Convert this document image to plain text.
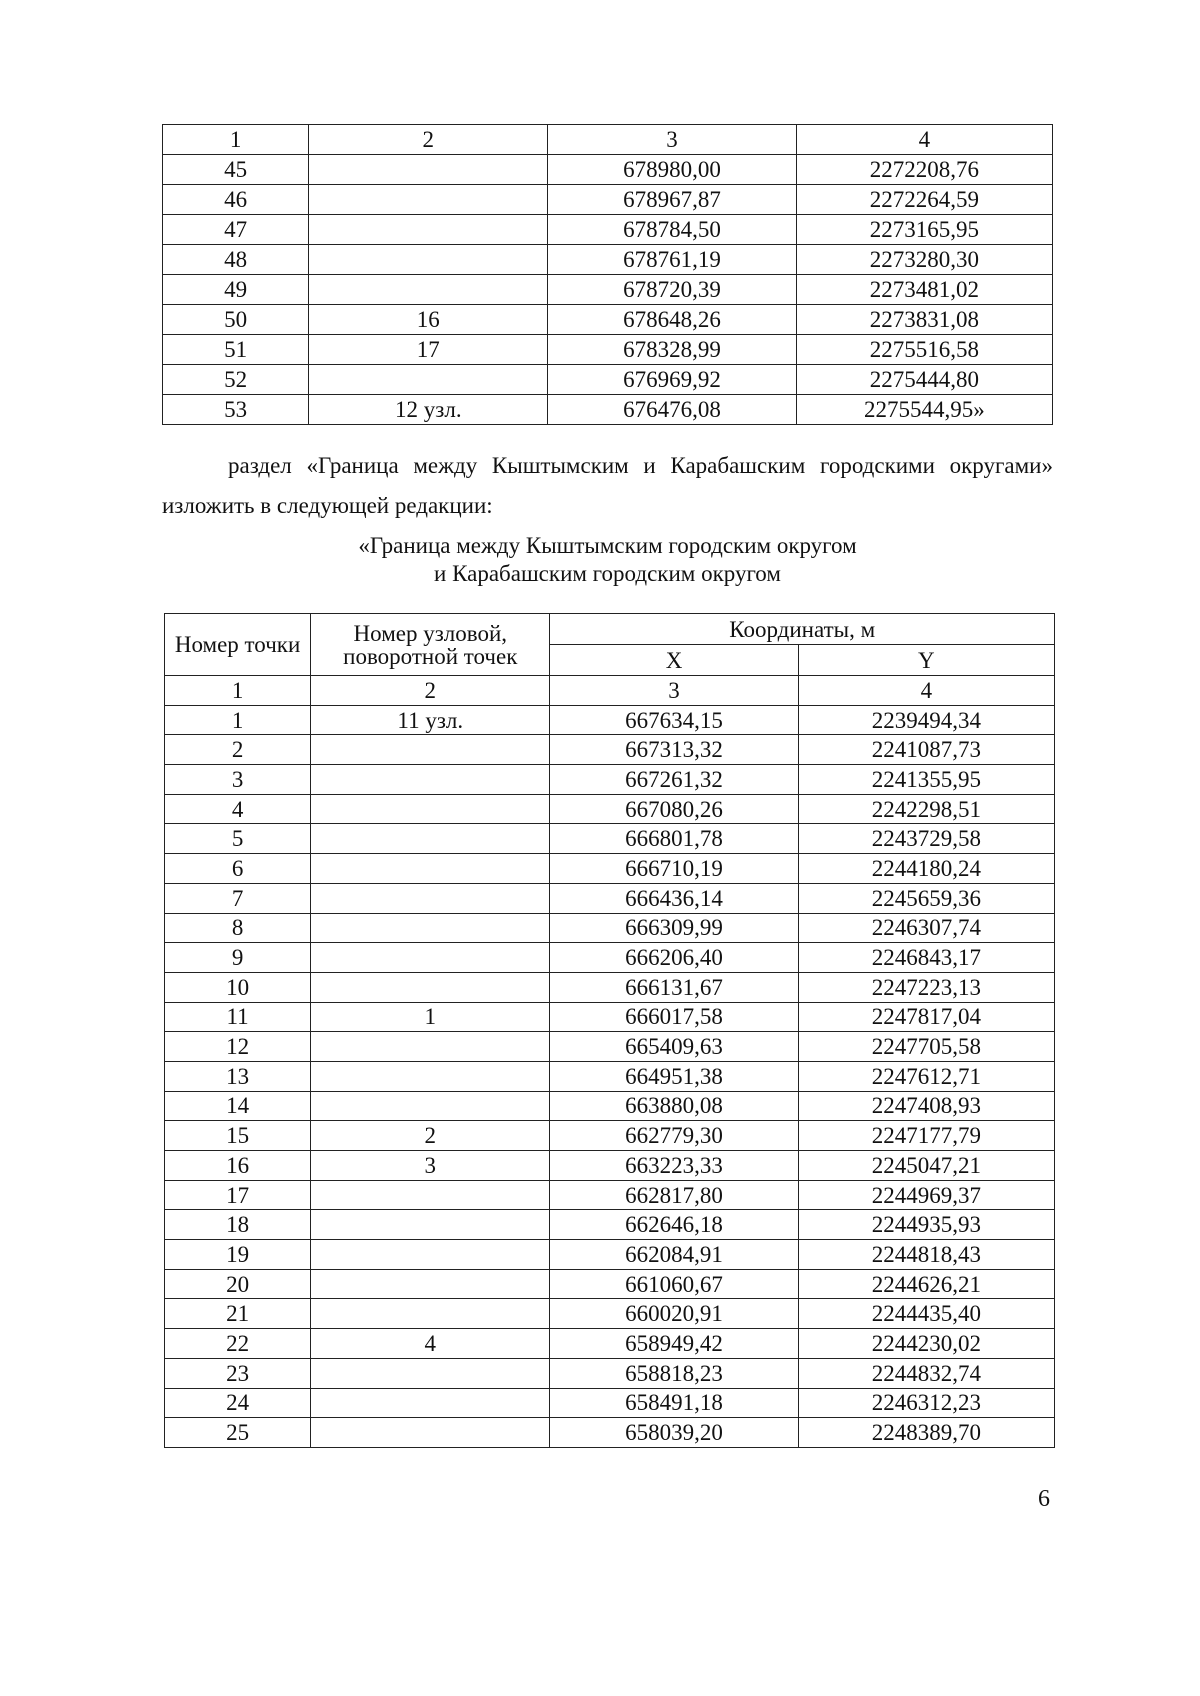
1	2	3	4
45		678980,00	2272208,76
46		678967,87	2272264,59
47		678784,50	2273165,95
48		678761,19	2273280,30
49		678720,39	2273481,02
50	16	678648,26	2273831,08
51	17	678328,99	2275516,58
52		676969,92	2275444,80
53	12 узл.	676476,08	2275544,95»
раздел «Граница между Кыштымским и Карабашским городскими округами»
изложить в следующей редакции:
«Граница между Кыштымским городским округом
и Карабашским городским округом
Номер точки	Номер узловой, поворотной точек	Координаты, м	
		X	Y
1	2	3	4
1	11 узл.	667634,15	2239494,34
2		667313,32	2241087,73
3		667261,32	2241355,95
4		667080,26	2242298,51
5		666801,78	2243729,58
6		666710,19	2244180,24
7		666436,14	2245659,36
8		666309,99	2246307,74
9		666206,40	2246843,17
10		666131,67	2247223,13
11	1	666017,58	2247817,04
12		665409,63	2247705,58
13		664951,38	2247612,71
14		663880,08	2247408,93
15	2	662779,30	2247177,79
16	3	663223,33	2245047,21
17		662817,80	2244969,37
18		662646,18	2244935,93
19		662084,91	2244818,43
20		661060,67	2244626,21
21		660020,91	2244435,40
22	4	658949,42	2244230,02
23		658818,23	2244832,74
24		658491,18	2246312,23
25		658039,20	2248389,70
6
